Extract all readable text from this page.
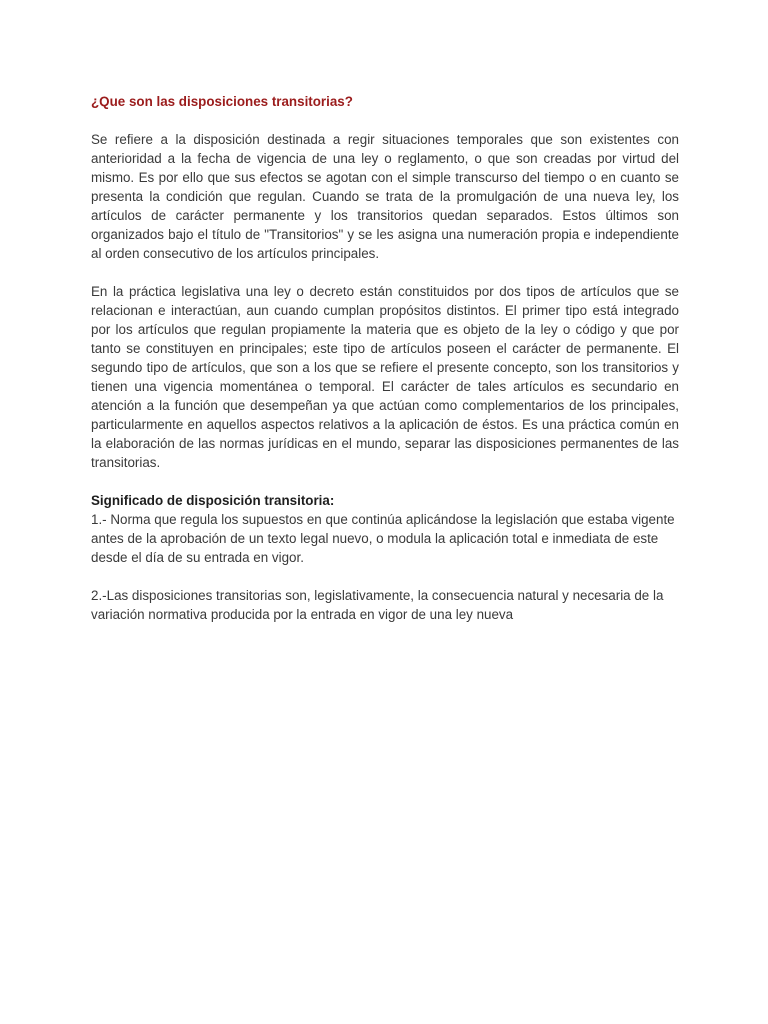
¿Que son las disposiciones transitorias?

Se refiere a la disposición destinada a regir situaciones temporales que son existentes con anterioridad a la fecha de vigencia de una ley o reglamento, o que son creadas por virtud del mismo. Es por ello que sus efectos se agotan con el simple transcurso del tiempo o en cuanto se presenta la condición que regulan. Cuando se trata de la promulgación de una nueva ley, los artículos de carácter permanente y los transitorios quedan separados. Estos últimos son organizados bajo el título de "Transitorios" y se les asigna una numeración propia e independiente al orden consecutivo de los artículos principales.

En la práctica legislativa una ley o decreto están constituidos por dos tipos de artículos que se relacionan e interactúan, aun cuando cumplan propósitos distintos. El primer tipo está integrado por los artículos que regulan propiamente la materia que es objeto de la ley o código y que por tanto se constituyen en principales; este tipo de artículos poseen el carácter de permanente. El segundo tipo de artículos, que son a los que se refiere el presente concepto, son los transitorios y tienen una vigencia momentánea o temporal. El carácter de tales artículos es secundario en atención a la función que desempeñan ya que actúan como complementarios de los principales, particularmente en aquellos aspectos relativos a la aplicación de éstos. Es una práctica común en la elaboración de las normas jurídicas en el mundo, separar las disposiciones permanentes de las transitorias.

Significado de disposición transitoria:

1.- Norma que regula los supuestos en que continúa aplicándose la legislación que estaba vigente antes de la aprobación de un texto legal nuevo, o modula la aplicación total e inmediata de este desde el día de su entrada en vigor.

2.-Las disposiciones transitorias son, legislativamente, la consecuencia natural y necesaria de la variación normativa producida por la entrada en vigor de una ley nueva
